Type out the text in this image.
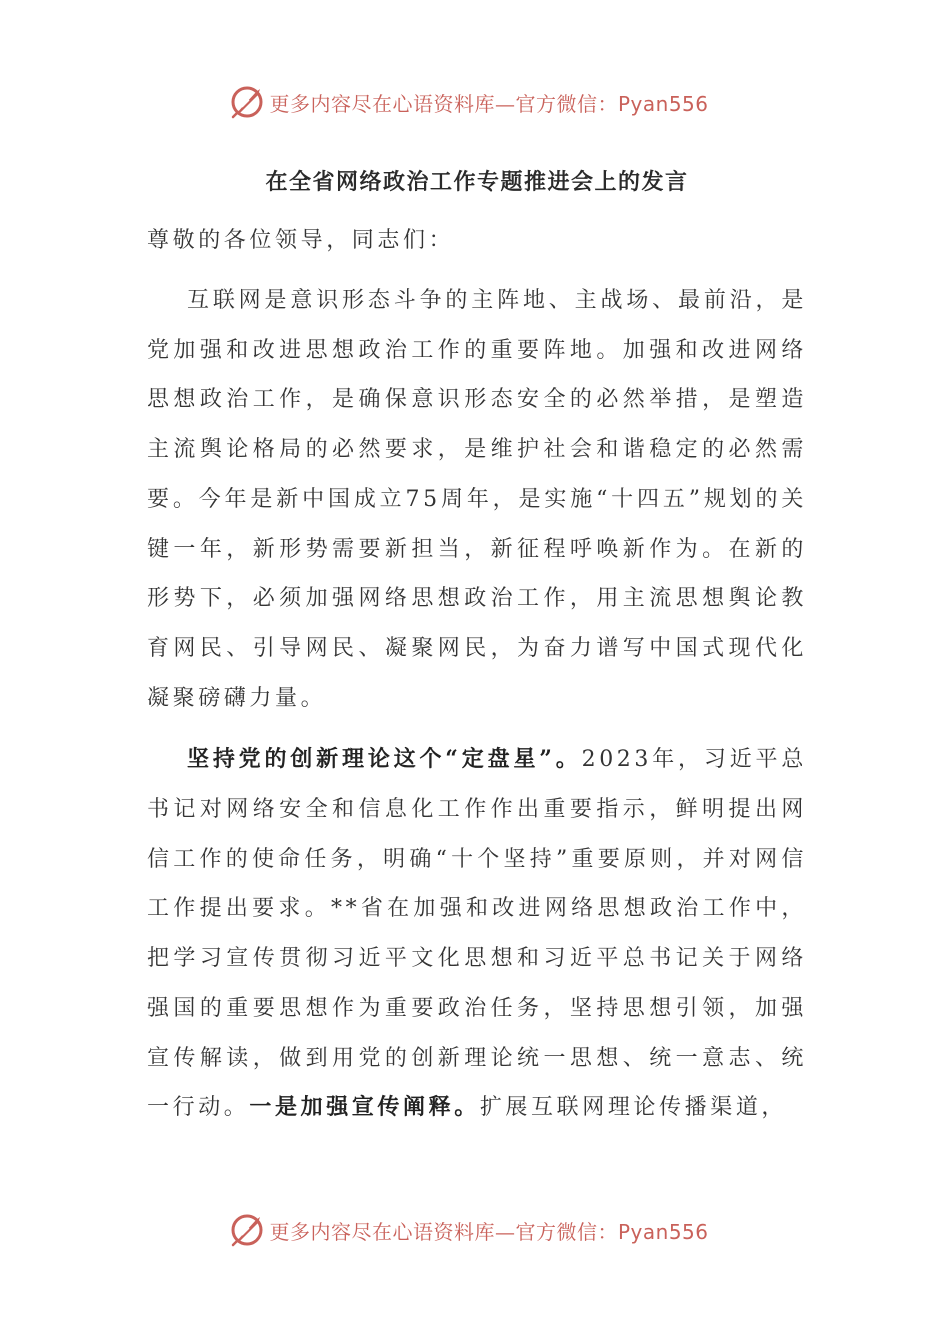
更多内容尽在心语资料库—官方微信：Pyan556
在全省网络政治工作专题推进会上的发言

尊敬的各位领导，同志们：

互联网是意识形态斗争的主阵地、主战场、最前沿，是党加强和改进思想政治工作的重要阵地。加强和改进网络思想政治工作，是确保意识形态安全的必然举措，是塑造主流舆论格局的必然要求，是维护社会和谐稳定的必然需要。今年是新中国成立75周年，是实施“十四五”规划的关键一年，新形势需要新担当，新征程呼唤新作为。在新的形势下，必须加强网络思想政治工作，用主流思想舆论教育网民、引导网民、凝聚网民，为奋力谱写中国式现代化凝聚磅礴力量。

坚持党的创新理论这个“定盘星”。2023年，习近平总书记对网络安全和信息化工作作出重要指示，鲜明提出网信工作的使命任务，明确“十个坚持”重要原则，并对网信工作提出要求。**省在加强和改进网络思想政治工作中，把学习宣传贯彻习近平文化思想和习近平总书记关于网络强国的重要思想作为重要政治任务，坚持思想引领，加强宣传解读，做到用党的创新理论统一思想、统一意志、统一行动。一是加强宣传阐释。扩展互联网理论传播渠道，

更多内容尽在心语资料库—官方微信：Pyan556
